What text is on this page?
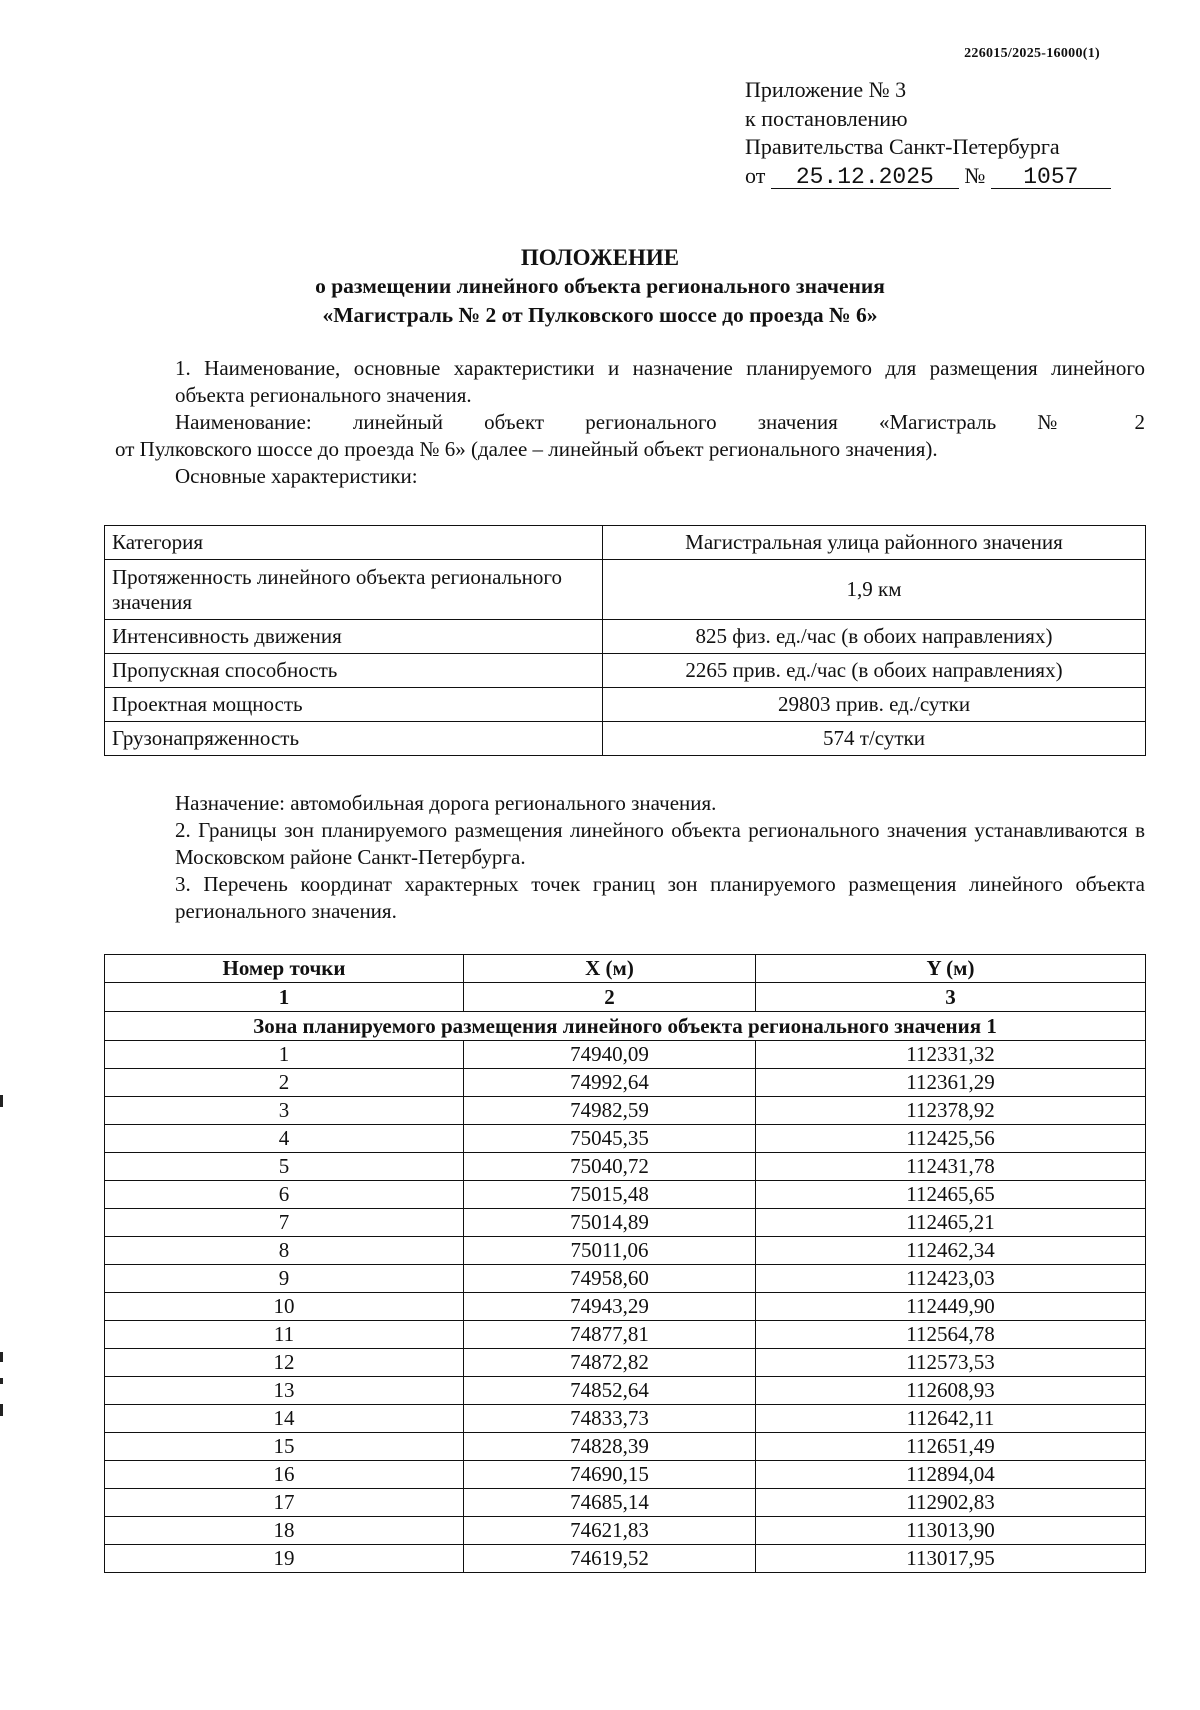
226015/2025-16000(1)
Приложение № 3
к постановлению
Правительства Санкт-Петербурга
от 25.12.2025 № 1057
ПОЛОЖЕНИЕ
о размещении линейного объекта регионального значения
«Магистраль № 2 от Пулковского шоссе до проезда № 6»
1. Наименование, основные характеристики и назначение планируемого для размещения линейного объекта регионального значения.
Наименование: линейный объект регионального значения «Магистраль № 2
от Пулковского шоссе до проезда № 6» (далее – линейный объект регионального значения).
Основные характеристики:
Категория	Магистральная улица районного значения
Протяженность линейного объекта регионального значения	1,9 км
Интенсивность движения	825 физ. ед./час (в обоих направлениях)
Пропускная способность	2265 прив. ед./час (в обоих направлениях)
Проектная мощность	29803 прив. ед./сутки
Грузонапряженность	574 т/сутки
Назначение: автомобильная дорога регионального значения.
2. Границы зон планируемого размещения линейного объекта регионального значения устанавливаются в Московском районе Санкт-Петербурга.
3. Перечень координат характерных точек границ зон планируемого размещения линейного объекта регионального значения.
Номер точки	X (м)	Y (м)
1	2	3
Зона планируемого размещения линейного объекта регионального значения 1		
1	74940,09	112331,32
2	74992,64	112361,29
3	74982,59	112378,92
4	75045,35	112425,56
5	75040,72	112431,78
6	75015,48	112465,65
7	75014,89	112465,21
8	75011,06	112462,34
9	74958,60	112423,03
10	74943,29	112449,90
11	74877,81	112564,78
12	74872,82	112573,53
13	74852,64	112608,93
14	74833,73	112642,11
15	74828,39	112651,49
16	74690,15	112894,04
17	74685,14	112902,83
18	74621,83	113013,90
19	74619,52	113017,95
